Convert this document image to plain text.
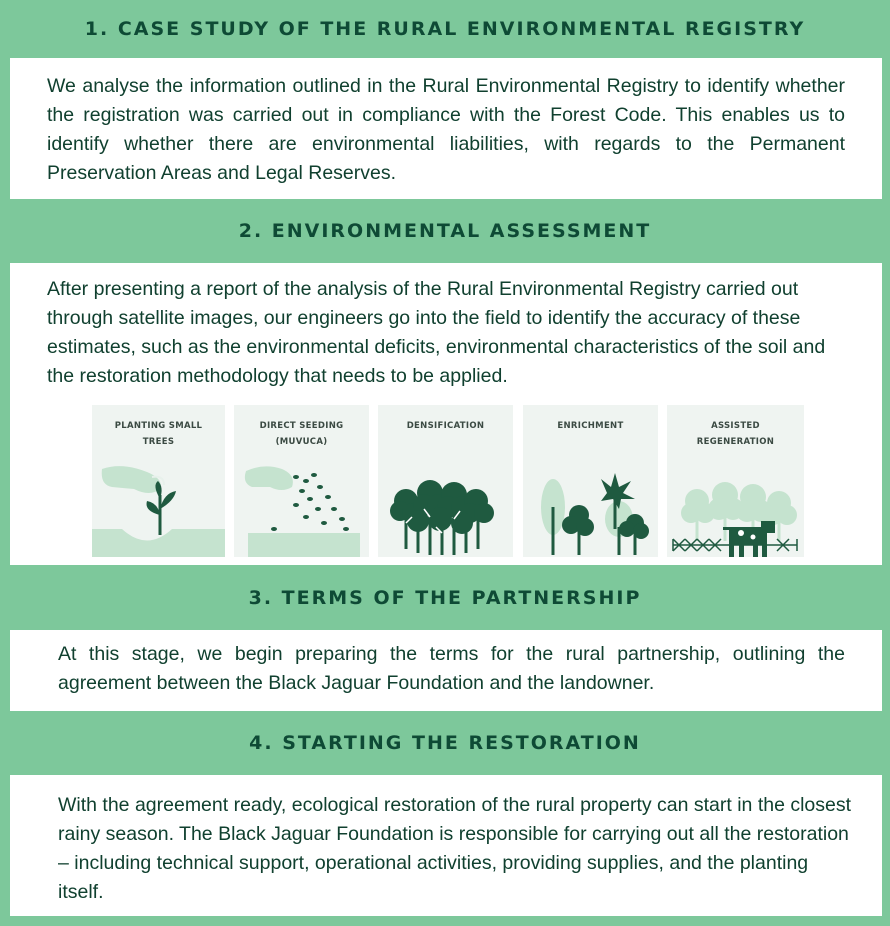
1. CASE STUDY OF THE RURAL ENVIRONMENTAL REGISTRY

We analyse the information outlined in the Rural Environmental Registry to identify whether the registration was carried out in compliance with the Forest Code. This enables us to identify whether there are environmental liabilities, with regards to the Permanent Preservation Areas and Legal Reserves.

2. ENVIRONMENTAL ASSESSMENT

After presenting a report of the analysis of the Rural Environmental Registry carried out through satellite images, our engineers go into the field to identify the accuracy of these estimates, such as the environmental deficits, environmental characteristics of the soil and the restoration methodology that needs to be applied.

PLANTING SMALL
TREES
DIRECT SEEDING
(MUVUCA)
DENSIFICATION	ENRICHMENT	ASSISTED
REGENERATION
3. TERMS OF THE PARTNERSHIP

At this stage, we begin preparing the terms for the rural partnership, outlining the agreement between the Black Jaguar Foundation and the landowner.

4. STARTING THE RESTORATION

With the agreement ready, ecological restoration of the rural property can start in the closest rainy season. The Black Jaguar Foundation is responsible for carrying out all the restoration – including technical support, operational activities, providing supplies, and the planting itself.
